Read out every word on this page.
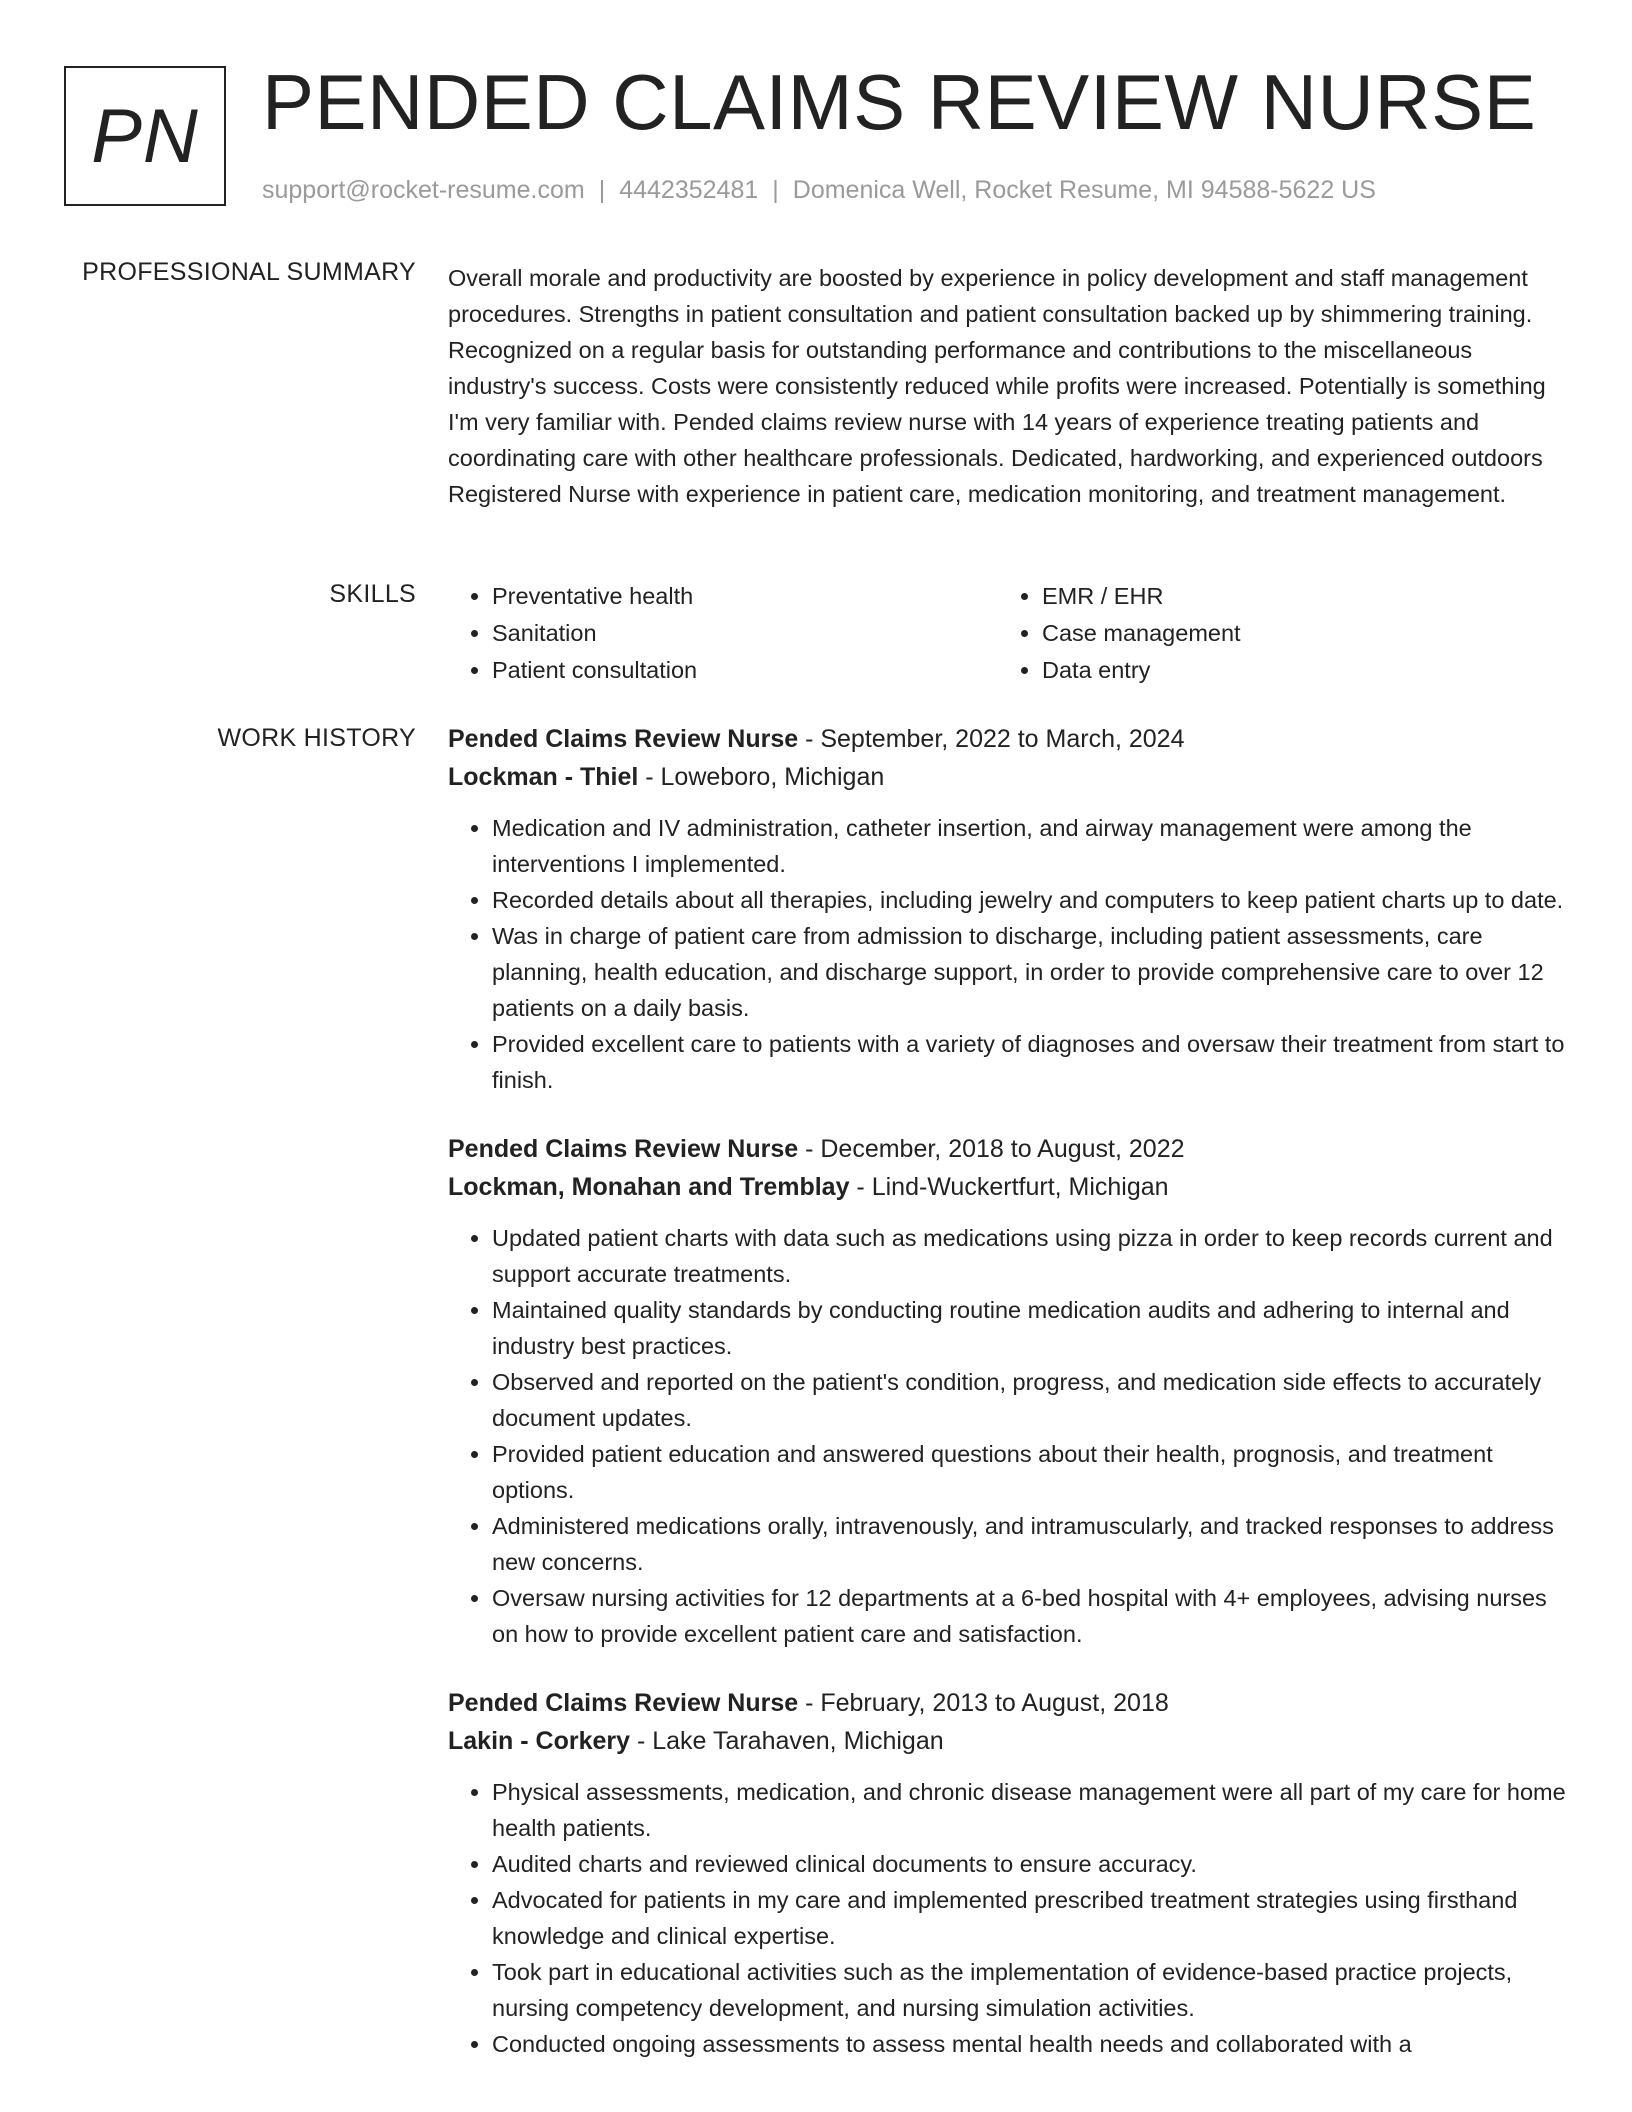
PN PENDED CLAIMS REVIEW NURSE
support@rocket-resume.com | 4442352481 | Domenica Well, Rocket Resume, MI 94588-5622 US
PROFESSIONAL SUMMARY Overall morale and productivity are boosted by experience in policy development and staff management procedures. Strengths in patient consultation and patient consultation backed up by shimmering training. Recognized on a regular basis for outstanding performance and contributions to the miscellaneous industry's success. Costs were consistently reduced while profits were increased. Potentially is something I'm very familiar with. Pended claims review nurse with 14 years of experience treating patients and coordinating care with other healthcare professionals. Dedicated, hardworking, and experienced outdoors Registered Nurse with experience in patient care, medication monitoring, and treatment management.

SKILLS
•	Preventative health
• Sanitation
• Patient consultation
• EMR / EHR
• Case management
• Data entry
WORK HISTORY Pended Claims Review Nurse - September, 2022 to March, 2024
Lockman - Thiel - Loweboro, Michigan
• Medication and IV administration, catheter insertion, and airway management were among the interventions I implemented.
• Recorded details about all therapies, including jewelry and computers to keep patient charts up to date.
• Was in charge of patient care from admission to discharge, including patient assessments, care planning, health education, and discharge support, in order to provide comprehensive care to over 12 patients on a daily basis.
• Provided excellent care to patients with a variety of diagnoses and oversaw their treatment from start to finish.
Pended Claims Review Nurse - December, 2018 to August, 2022
Lockman, Monahan and Tremblay - Lind-Wuckertfurt, Michigan
• Updated patient charts with data such as medications using pizza in order to keep records current and support accurate treatments.
• Maintained quality standards by conducting routine medication audits and adhering to internal and industry best practices.
• Observed and reported on the patient's condition, progress, and medication side effects to accurately document updates.
• Provided patient education and answered questions about their health, prognosis, and treatment options.
• Administered medications orally, intravenously, and intramuscularly, and tracked responses to address new concerns.
• Oversaw nursing activities for 12 departments at a 6-bed hospital with 4+ employees, advising nurses on how to provide excellent patient care and satisfaction.
Pended Claims Review Nurse - February, 2013 to August, 2018
Lakin - Corkery - Lake Tarahaven, Michigan
• Physical assessments, medication, and chronic disease management were all part of my care for home health patients.
• Audited charts and reviewed clinical documents to ensure accuracy.
• Advocated for patients in my care and implemented prescribed treatment strategies using firsthand knowledge and clinical expertise.
• Took part in educational activities such as the implementation of evidence-based practice projects, nursing competency development, and nursing simulation activities.
• Conducted ongoing assessments to assess mental health needs and collaborated with a
